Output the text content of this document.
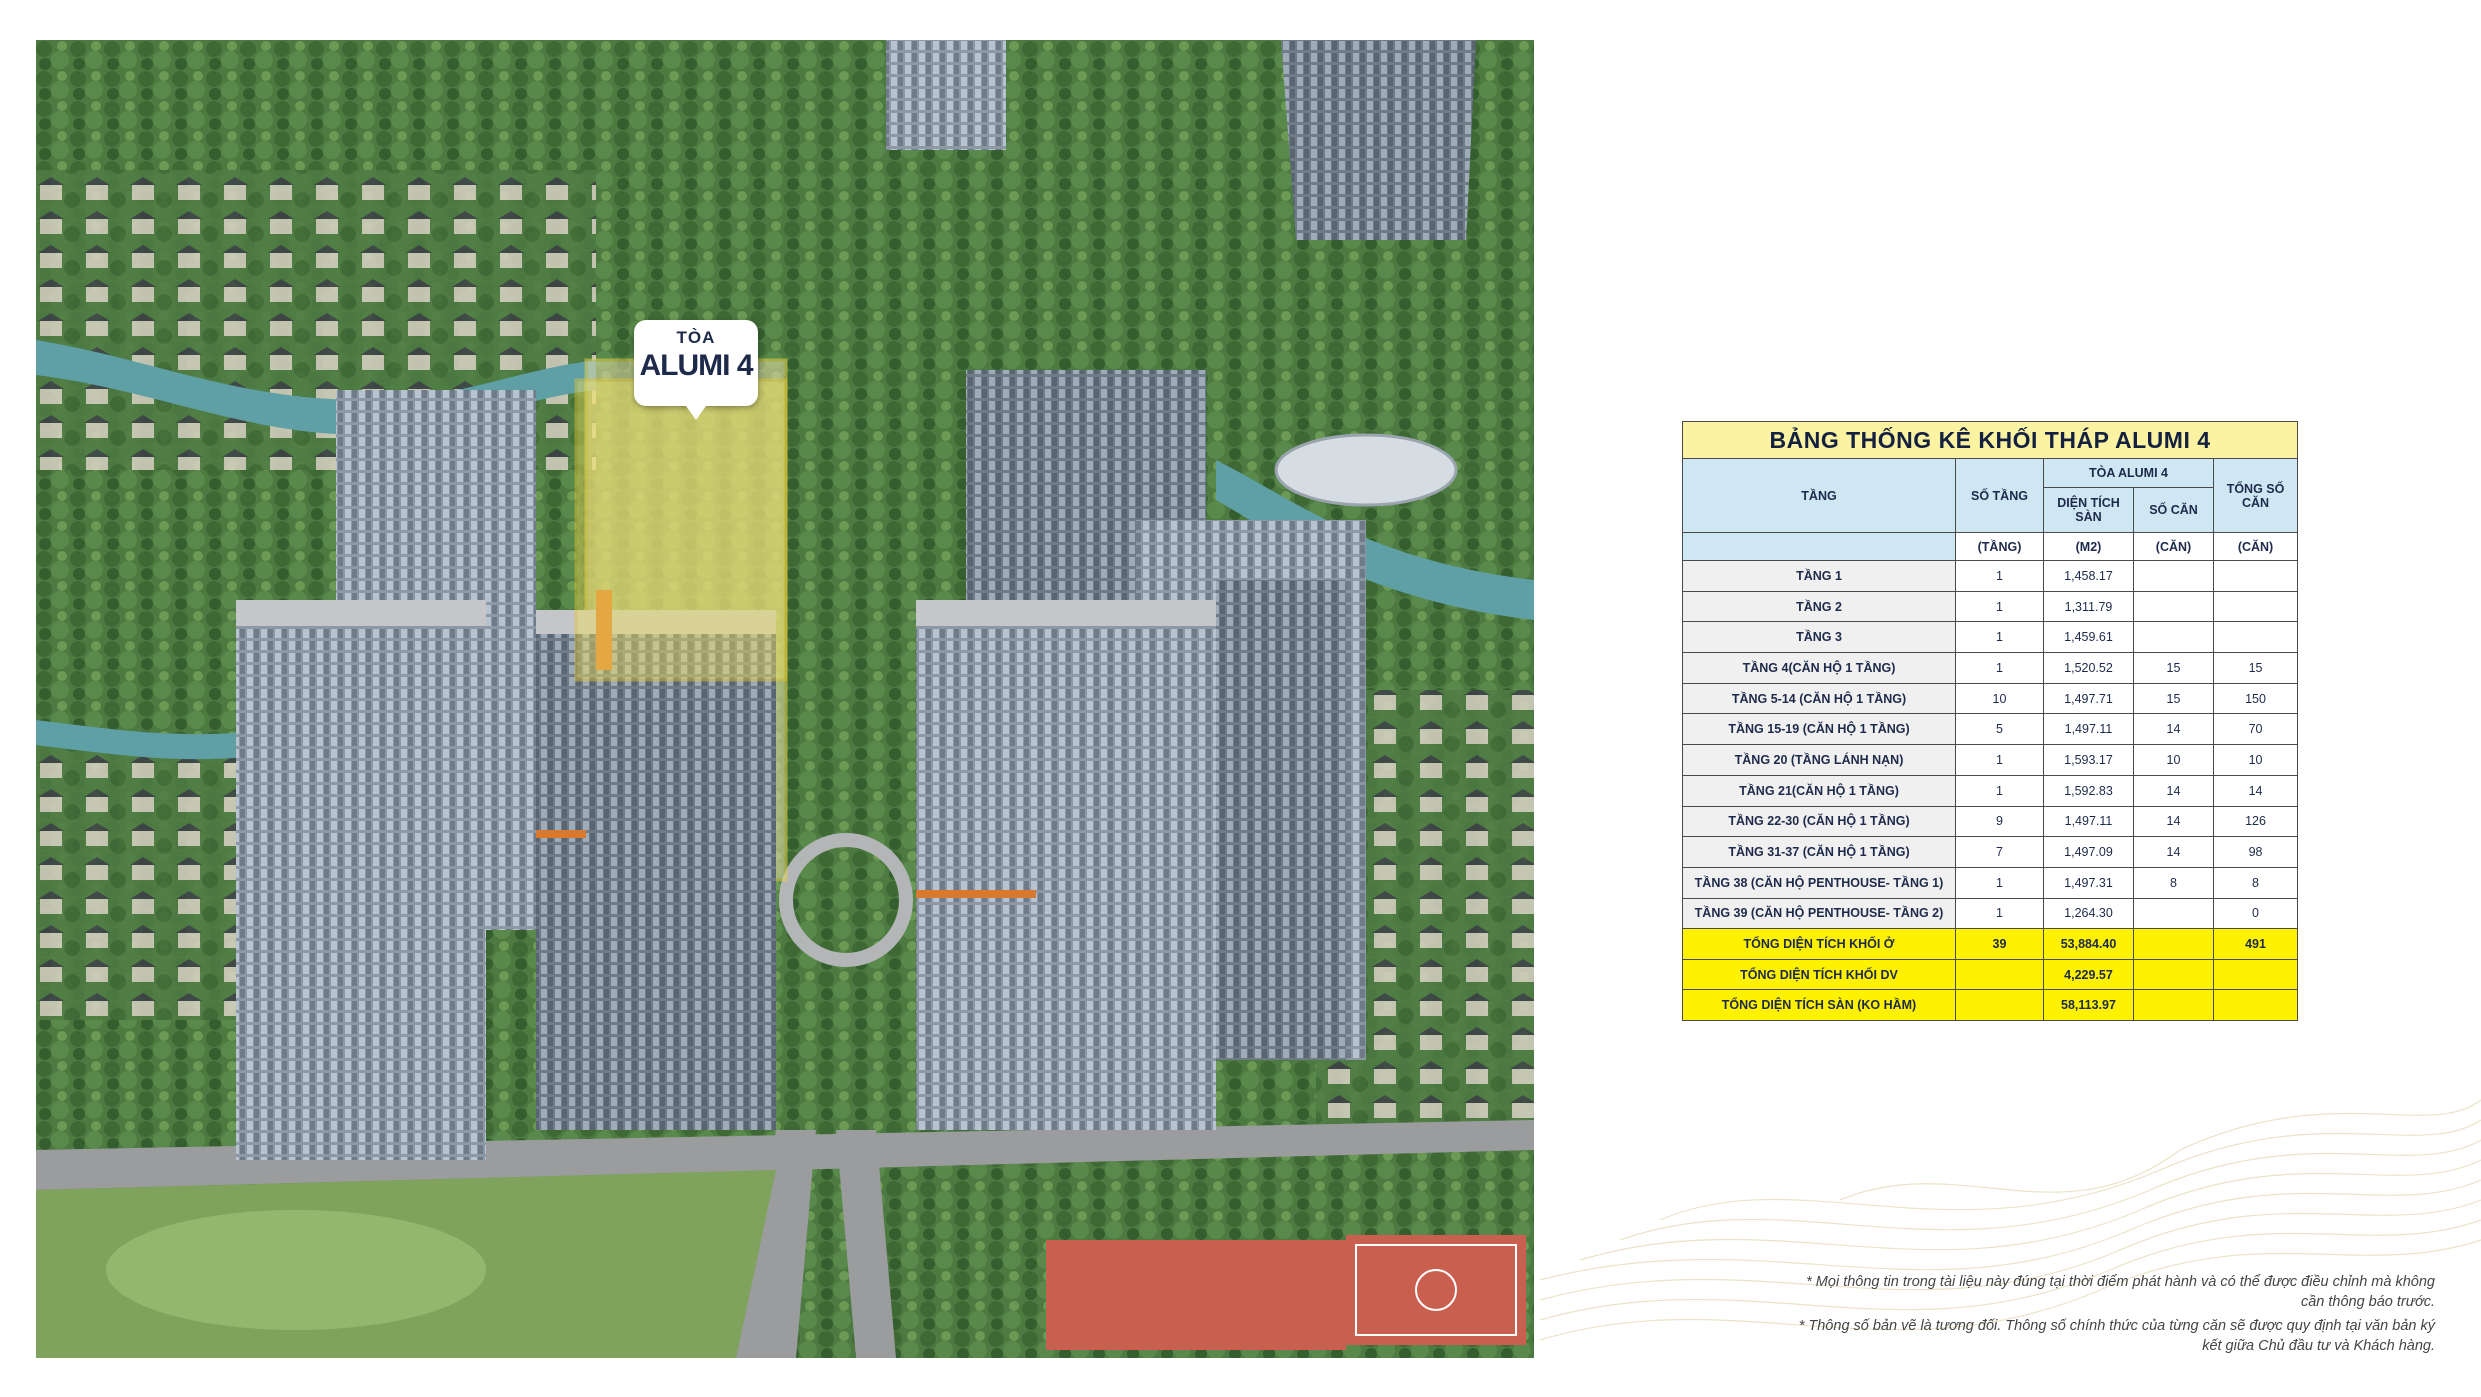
TÒA
ALUMI 4
BẢNG THỐNG KÊ KHỐI THÁP ALUMI 4				
TẦNG	SỐ TẦNG	TÒA ALUMI 4		TỔNG SỐ CĂN
		DIỆN TÍCH SÀN	SỐ CĂN	
	(TẦNG)	(M2)	(CĂN)	(CĂN)
TẦNG 1	1	1,458.17		
TẦNG 2	1	1,311.79		
TẦNG 3	1	1,459.61		
TẦNG 4(CĂN HỘ 1 TẦNG)	1	1,520.52	15	15
TẦNG 5-14 (CĂN HỘ 1 TẦNG)	10	1,497.71	15	150
TẦNG 15-19 (CĂN HỘ 1 TẦNG)	5	1,497.11	14	70
TẦNG 20 (TẦNG LÁNH NẠN)	1	1,593.17	10	10
TẦNG 21(CĂN HỘ 1 TẦNG)	1	1,592.83	14	14
TẦNG 22-30 (CĂN HỘ 1 TẦNG)	9	1,497.11	14	126
TẦNG 31-37 (CĂN HỘ 1 TẦNG)	7	1,497.09	14	98
TẦNG 38 (CĂN HỘ PENTHOUSE- TẦNG 1)	1	1,497.31	8	8
TẦNG 39 (CĂN HỘ PENTHOUSE- TẦNG 2)	1	1,264.30		0
TỔNG DIỆN TÍCH KHỐI Ở	39	53,884.40		491
TỔNG DIỆN TÍCH KHỐI DV		4,229.57		
TỔNG DIỆN TÍCH SÀN (KO HẦM)		58,113.97		
* Mọi thông tin trong tài liệu này đúng tại thời điểm phát hành và có thể được điều chỉnh mà không
cần thông báo trước.
* Thông số bản vẽ là tương đối. Thông số chính thức của từng căn sẽ được quy định tại văn bản ký
kết giữa Chủ đầu tư và Khách hàng.
